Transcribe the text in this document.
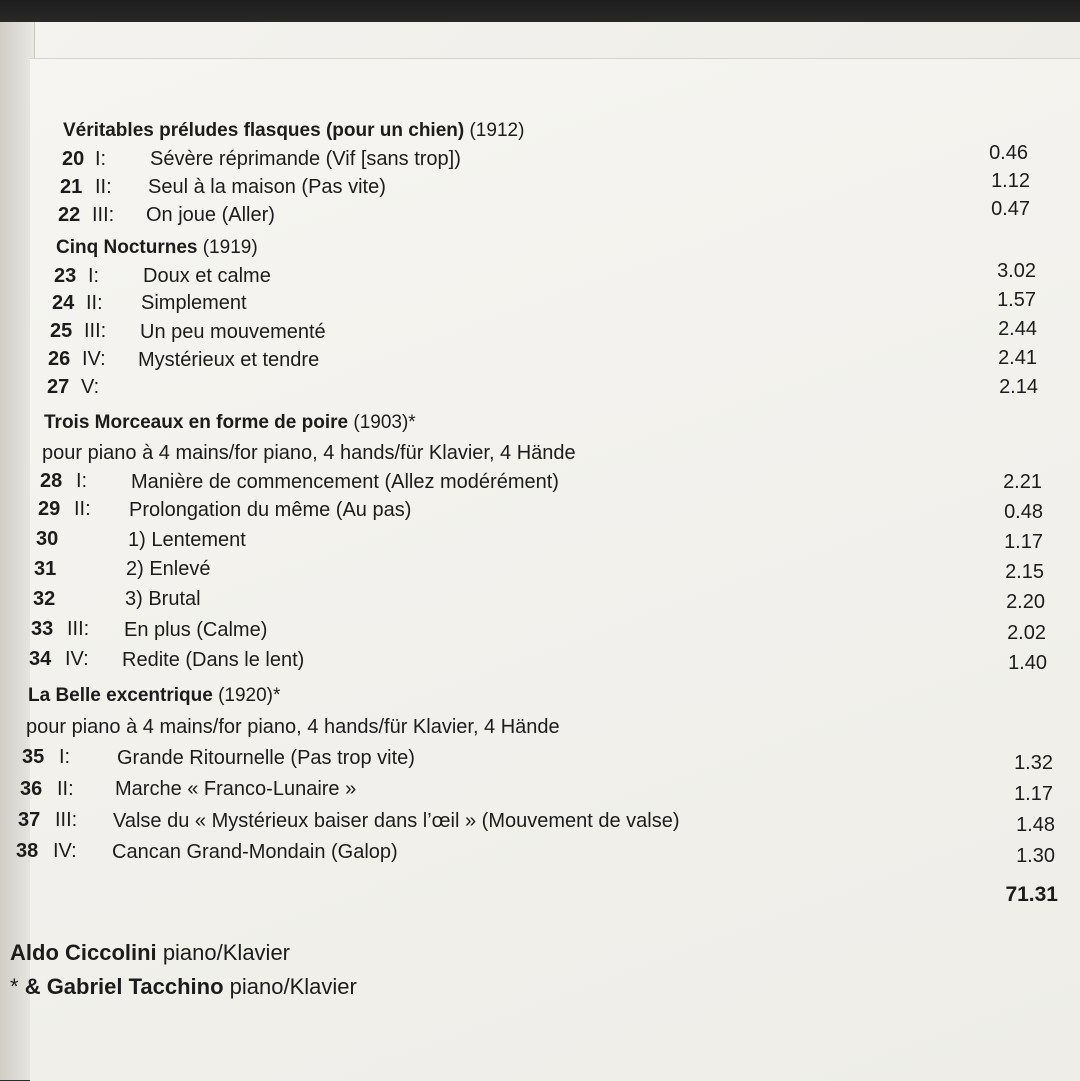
Véritables préludes flasques (pour un chien) (1912)
20 I: Sévère réprimande (Vif [sans trop])	0.46
21 II: Seul à la maison (Pas vite)	1.12
22 III: On joue (Aller)	0.47
Cinq Nocturnes (1919)
23 I: Doux et calme	3.02
24 II: Simplement	1.57
25 III: Un peu mouvementé	2.44
26 IV: Mystérieux et tendre	2.41
27 V:	2.14
Trois Morceaux en forme de poire (1903)*
pour piano à 4 mains/for piano, 4 hands/für Klavier, 4 Hände
28 I: Manière de commencement (Allez modérément)	2.21
29 II: Prolongation du même (Au pas)	0.48
30	1) Lentement	1.17
31	2) Enlevé	2.15
32	3) Brutal	2.20
33 III: En plus (Calme)	2.02
34 IV: Redite (Dans le lent)	1.40
La Belle excentrique (1920)*
pour piano à 4 mains/for piano, 4 hands/für Klavier, 4 Hände
35 I: Grande Ritournelle (Pas trop vite)	1.32
36 II: Marche « Franco-Lunaire »	1.17
37 III: Valse du « Mystérieux baiser dans l’œil » (Mouvement de valse)	1.48
38 IV: Cancan Grand-Mondain (Galop)	1.30
71.31
Aldo Ciccolini piano/Klavier
* & Gabriel Tacchino piano/Klavier
